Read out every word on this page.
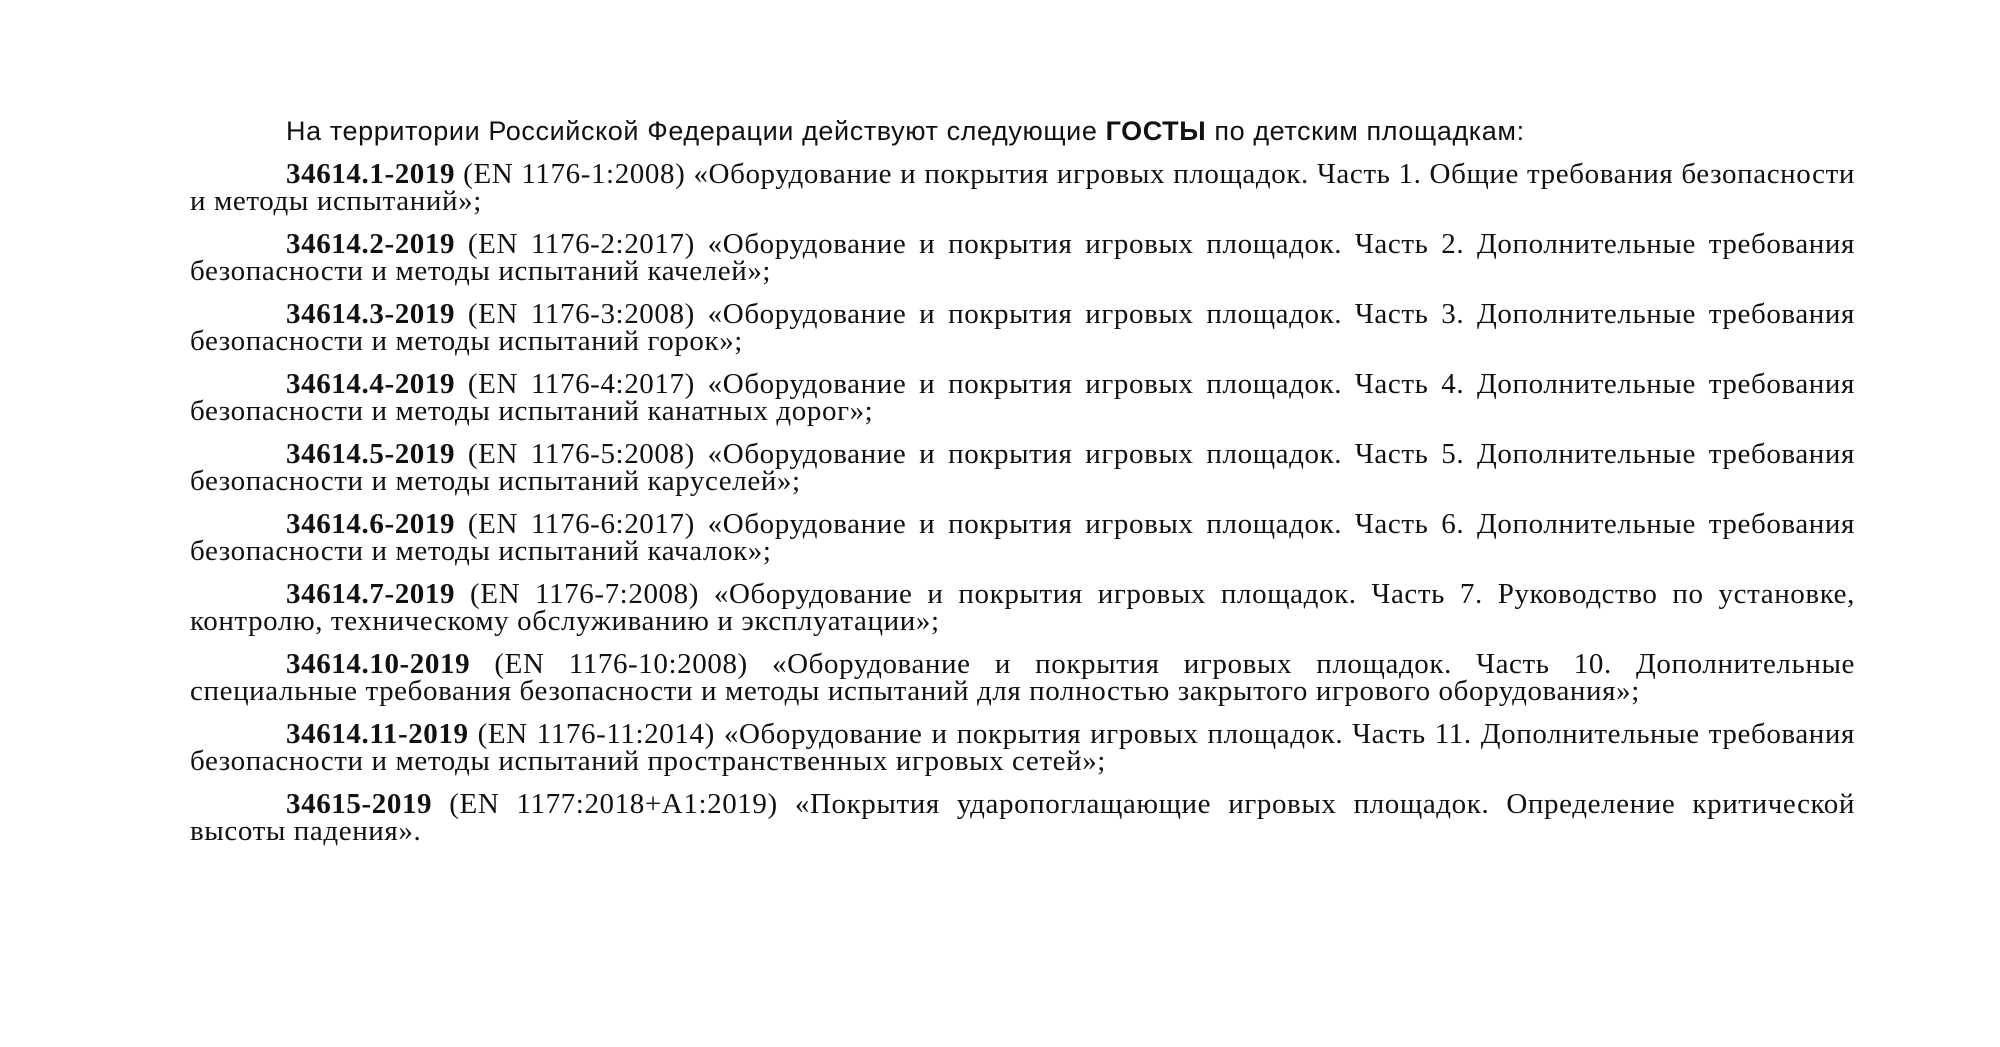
На территории Российской Федерации действуют следующие ГОСТЫ по детским площадкам:

34614.1-2019 (EN 1176-1:2008) «Оборудование и покрытия игровых площадок. Часть 1. Общие требования безопасности и методы испытаний»;

34614.2-2019 (EN 1176-2:2017) «Оборудование и покрытия игровых площадок. Часть 2. Дополнительные требования безопасности и методы испытаний качелей»;

34614.3-2019 (EN 1176-3:2008) «Оборудование и покрытия игровых площадок. Часть 3. Дополнительные требования безопасности и методы испытаний горок»;

34614.4-2019 (EN 1176-4:2017) «Оборудование и покрытия игровых площадок. Часть 4. Дополнительные требования безопасности и методы испытаний канатных дорог»;

34614.5-2019 (EN 1176-5:2008) «Оборудование и покрытия игровых площадок. Часть 5. Дополнительные требования безопасности и методы испытаний каруселей»;

34614.6-2019 (EN 1176-6:2017) «Оборудование и покрытия игровых площадок. Часть 6. Дополнительные требования безопасности и методы испытаний качалок»;

34614.7-2019 (EN 1176-7:2008) «Оборудование и покрытия игровых площадок. Часть 7. Руководство по установке, контролю, техническому обслуживанию и эксплуатации»;

34614.10-2019 (EN 1176-10:2008) «Оборудование и покрытия игровых площадок. Часть 10. Дополнительные специальные требования безопасности и методы испытаний для полностью закрытого игрового оборудования»;

34614.11-2019 (EN 1176-11:2014) «Оборудование и покрытия игровых площадок. Часть 11. Дополнительные требования безопасности и методы испытаний пространственных игровых сетей»;

34615-2019 (EN 1177:2018+A1:2019) «Покрытия ударопоглащающие игровых площадок. Определение критической высоты падения».
